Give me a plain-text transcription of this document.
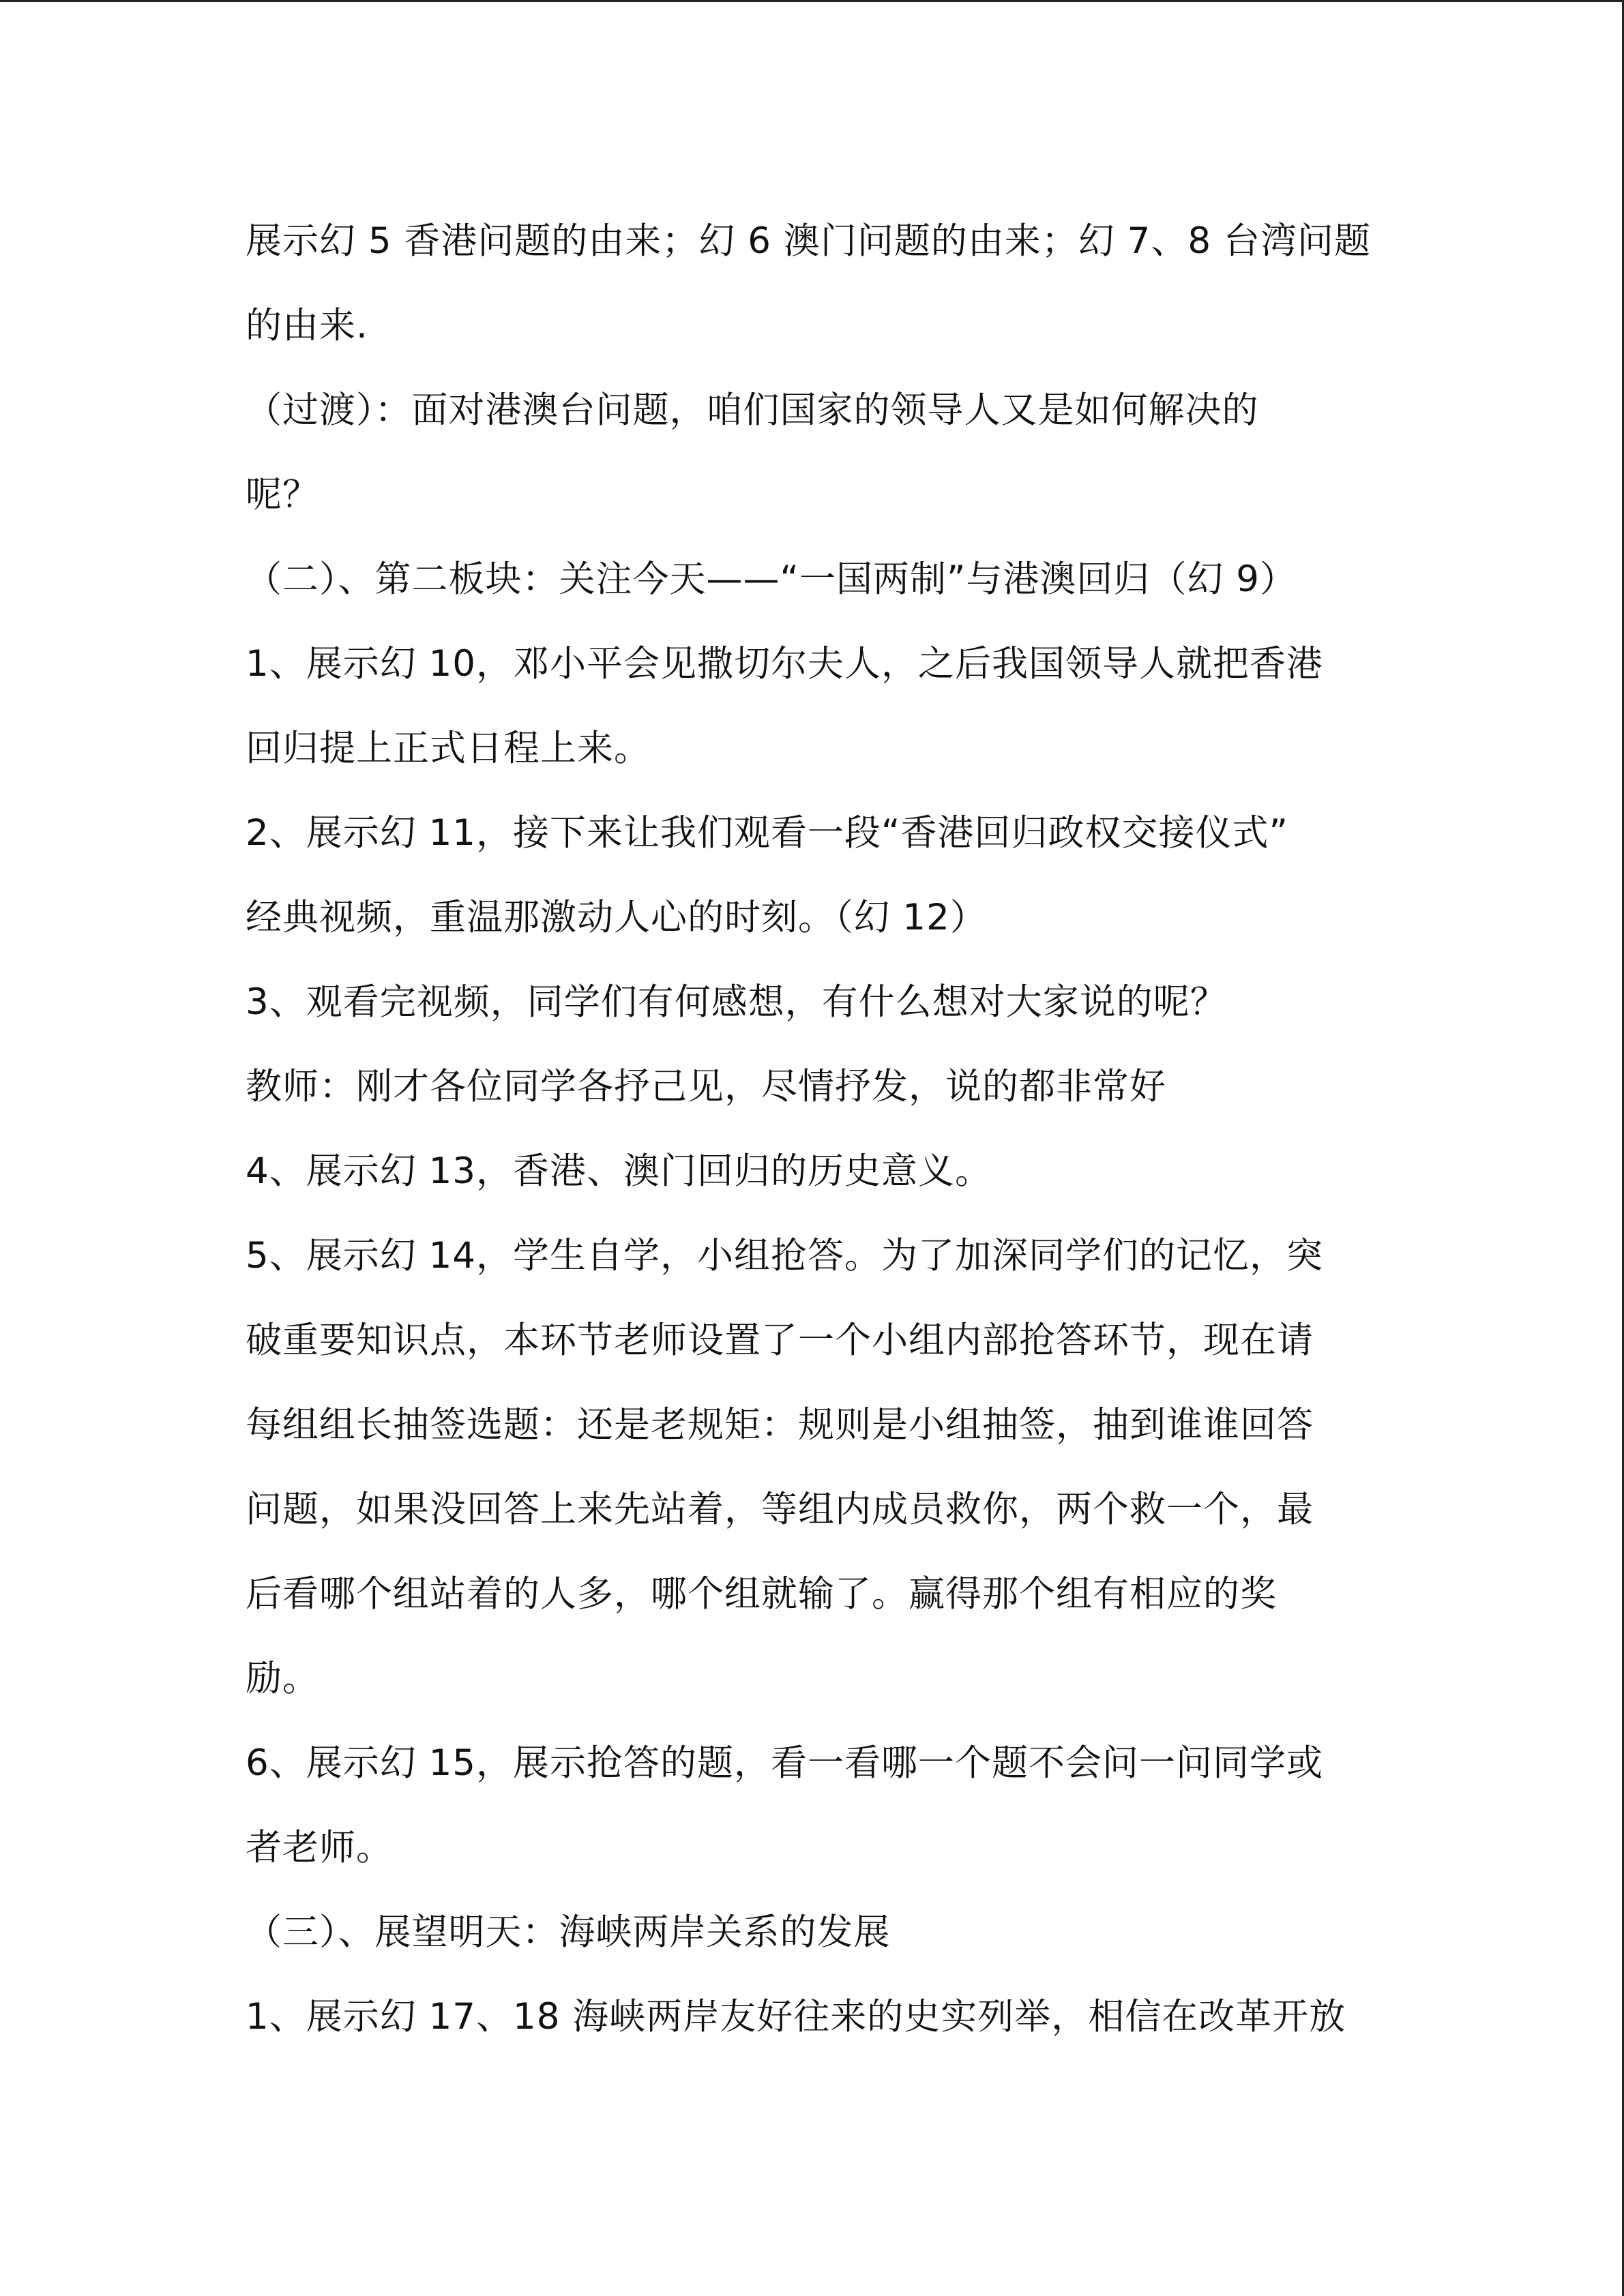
展示幻 5 香港问题的由来；幻 6 澳门问题的由来；幻 7、8 台湾问题
的由来.
（过渡）：面对港澳台问题，咱们国家的领导人又是如何解决的
呢？
（二）、第二板块：关注今天——“一国两制”与港澳回归（幻 9）
1、展示幻 10，邓小平会见撒切尔夫人，之后我国领导人就把香港
回归提上正式日程上来。
2、展示幻 11，接下来让我们观看一段“香港回归政权交接仪式”
经典视频，重温那激动人心的时刻。（幻 12）
3、观看完视频，同学们有何感想，有什么想对大家说的呢？
教师：刚才各位同学各抒己见，尽情抒发，说的都非常好
4、展示幻 13，香港、澳门回归的历史意义。
5、展示幻 14，学生自学，小组抢答。为了加深同学们的记忆，突
破重要知识点，本环节老师设置了一个小组内部抢答环节，现在请
每组组长抽签选题：还是老规矩：规则是小组抽签，抽到谁谁回答
问题，如果没回答上来先站着，等组内成员救你，两个救一个，最
后看哪个组站着的人多，哪个组就输了。赢得那个组有相应的奖
励。
6、展示幻 15，展示抢答的题，看一看哪一个题不会问一问同学或
者老师。
（三）、展望明天：海峡两岸关系的发展
1、展示幻 17、18 海峡两岸友好往来的史实列举，相信在改革开放
